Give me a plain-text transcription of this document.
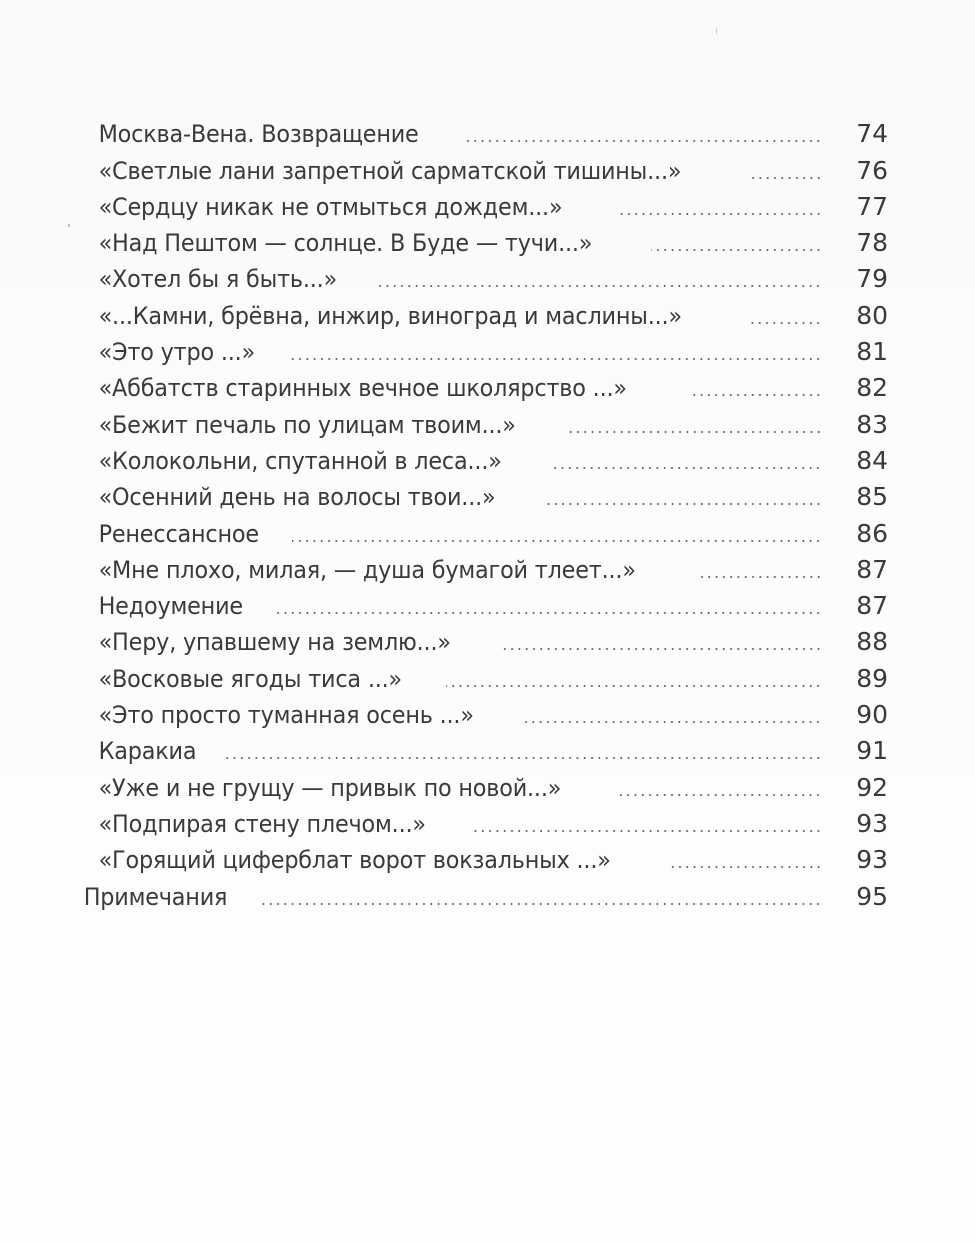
Москва-Вена. Возвращение	74
«Светлые лани запретной сарматской тишины...»	76
«Сердцу никак не отмыться дождем...»	77
«Над Пештом — солнце. В Буде — тучи...»	78
«Хотел бы я быть...»	79
«...Камни, брёвна, инжир, виноград и маслины...»	80
«Это утро ...»	81
«Аббатств старинных вечное школярство ...»	82
«Бежит печаль по улицам твоим...»	83
«Колокольни, спутанной в леса...»	84
«Осенний день на волосы твои...»	85
Ренессансное	86
«Мне плохо, милая, — душа бумагой тлеет...»	87
Недоумение	87
«Перу, упавшему на землю...»	88
«Восковые ягоды тиса ...»	89
«Это просто туманная осень ...»	90
Каракиа	91
«Уже и не грущу — привык по новой...»	92
«Подпирая стену плечом...»	93
«Горящий циферблат ворот вокзальных ...»	93
Примечания	95
